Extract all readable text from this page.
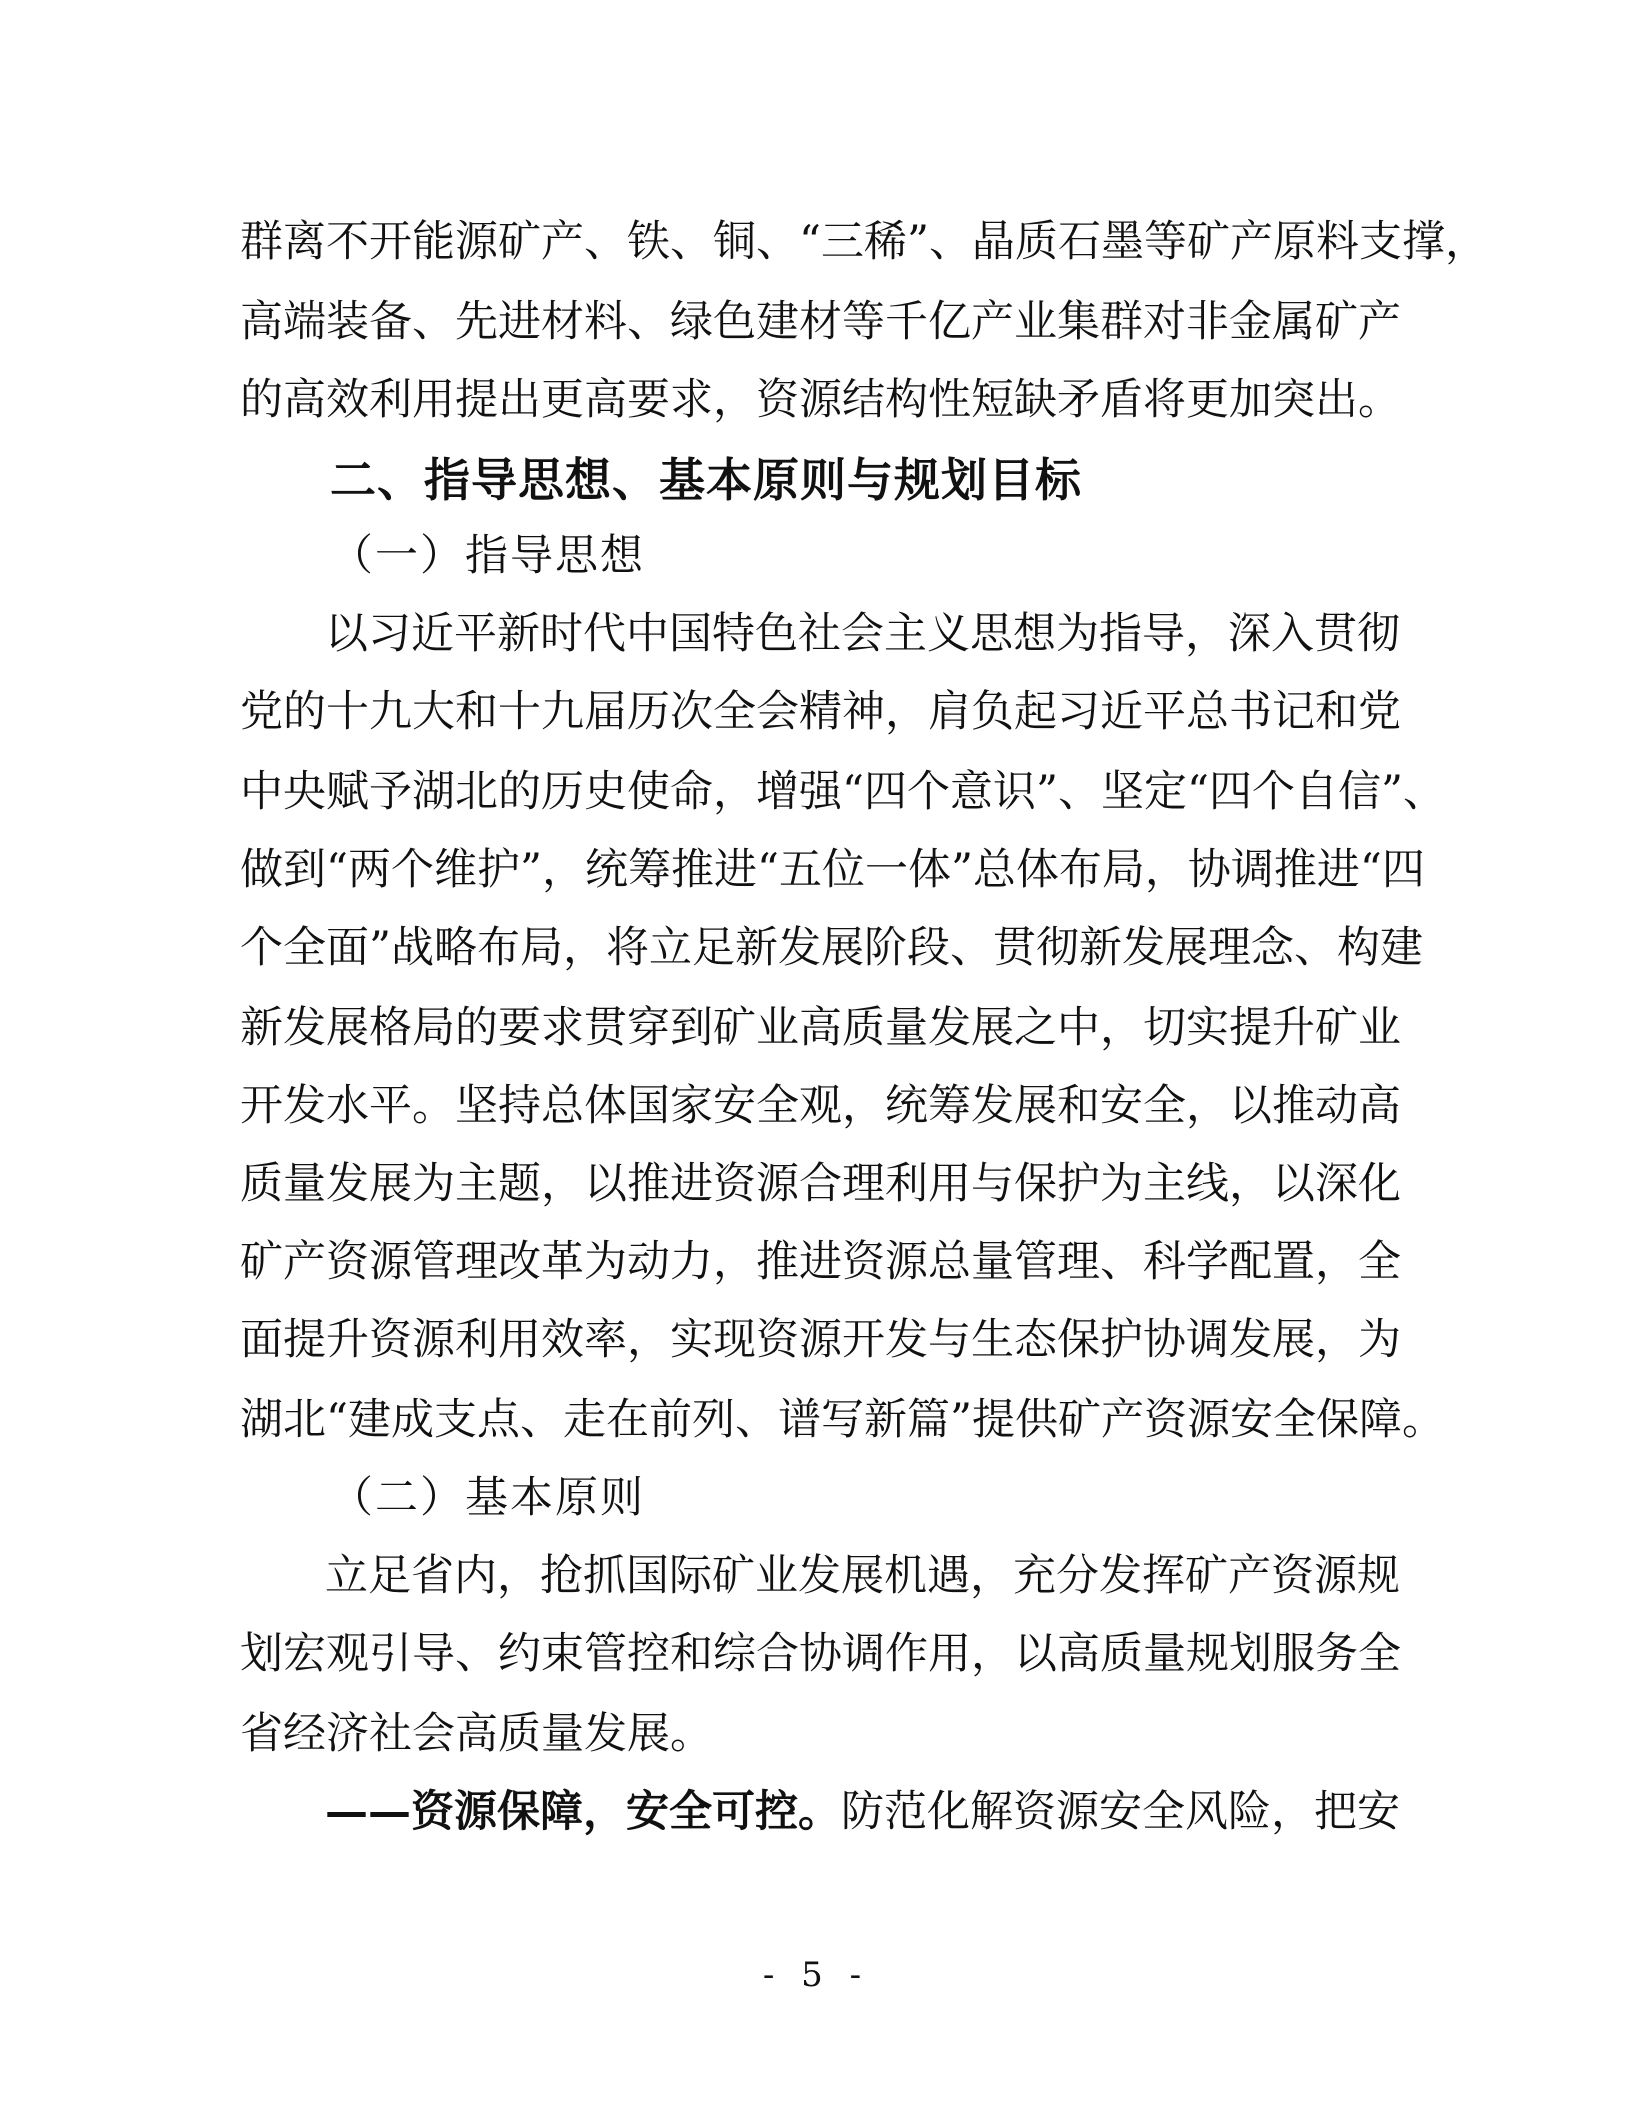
群离不开能源矿产、铁、铜、“三稀”、晶质石墨等矿产原料支撑，
高端装备、先进材料、绿色建材等千亿产业集群对非金属矿产
的高效利用提出更高要求，资源结构性短缺矛盾将更加突出。
二、指导思想、基本原则与规划目标
（一）指导思想
以习近平新时代中国特色社会主义思想为指导，深入贯彻
党的十九大和十九届历次全会精神，肩负起习近平总书记和党
中央赋予湖北的历史使命，增强“四个意识”、坚定“四个自信”、
做到“两个维护”，统筹推进“五位一体”总体布局，协调推进“四
个全面”战略布局，将立足新发展阶段、贯彻新发展理念、构建
新发展格局的要求贯穿到矿业高质量发展之中，切实提升矿业
开发水平。坚持总体国家安全观，统筹发展和安全，以推动高
质量发展为主题，以推进资源合理利用与保护为主线，以深化
矿产资源管理改革为动力，推进资源总量管理、科学配置，全
面提升资源利用效率，实现资源开发与生态保护协调发展，为
湖北“建成支点、走在前列、谱写新篇”提供矿产资源安全保障。
（二）基本原则
立足省内，抢抓国际矿业发展机遇，充分发挥矿产资源规
划宏观引导、约束管控和综合协调作用，以高质量规划服务全
省经济社会高质量发展。
——资源保障，安全可控。防范化解资源安全风险，把安
- 5 -
